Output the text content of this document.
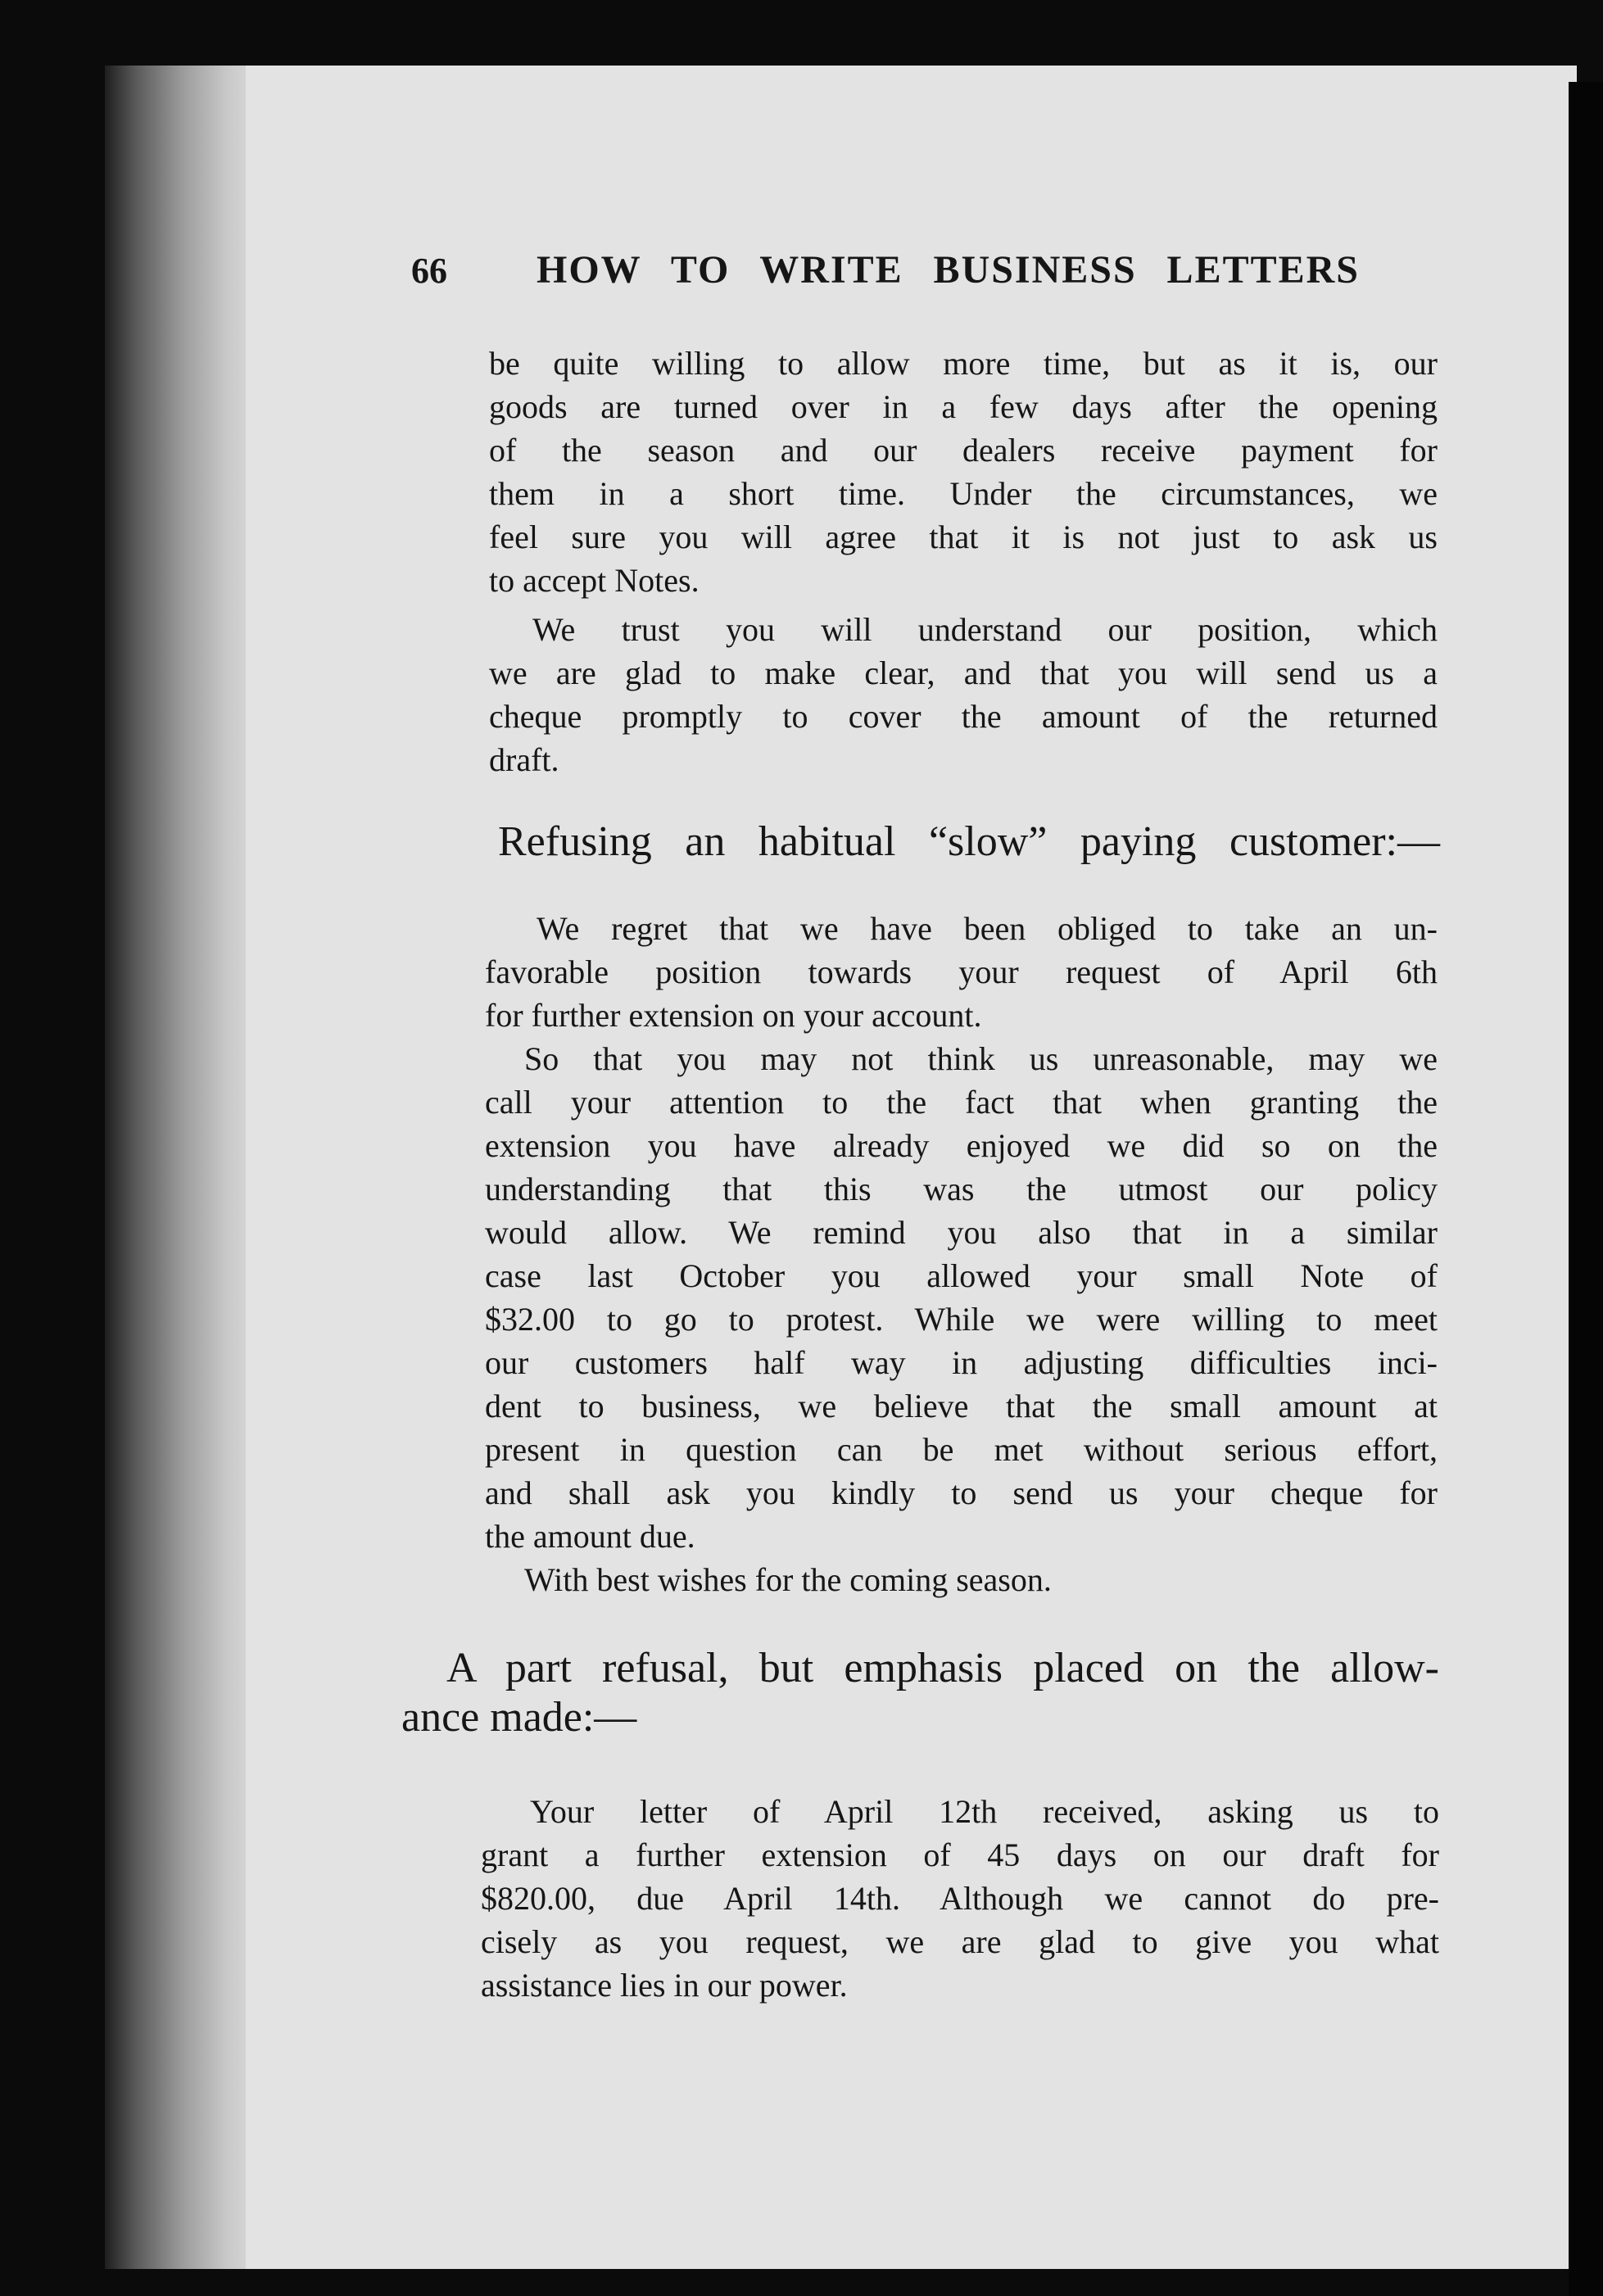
66 HOW TO WRITE BUSINESS LETTERS
be quite willing to allow more time, but as it is, our
goods are turned over in a few days after the opening
of the season and our dealers receive payment for
them in a short time. Under the circumstances, we
feel sure you will agree that it is not just to ask us
to accept Notes.
We trust you will understand our position, which
we are glad to make clear, and that you will send us a
cheque promptly to cover the amount of the returned
draft.
Refusing an habitual “slow” paying customer:—
We regret that we have been obliged to take an un-
favorable position towards your request of April 6th
for further extension on your account.
So that you may not think us unreasonable, may we
call your attention to the fact that when granting the
extension you have already enjoyed we did so on the
understanding that this was the utmost our policy
would allow. We remind you also that in a similar
case last October you allowed your small Note of
$32.00 to go to protest. While we were willing to meet
our customers half way in adjusting difficulties inci-
dent to business, we believe that the small amount at
present in question can be met without serious effort,
and shall ask you kindly to send us your cheque for
the amount due.
With best wishes for the coming season.
A part refusal, but emphasis placed on the allow-
ance made:—
Your letter of April 12th received, asking us to
grant a further extension of 45 days on our draft for
$820.00, due April 14th. Although we cannot do pre-
cisely as you request, we are glad to give you what
assistance lies in our power.
